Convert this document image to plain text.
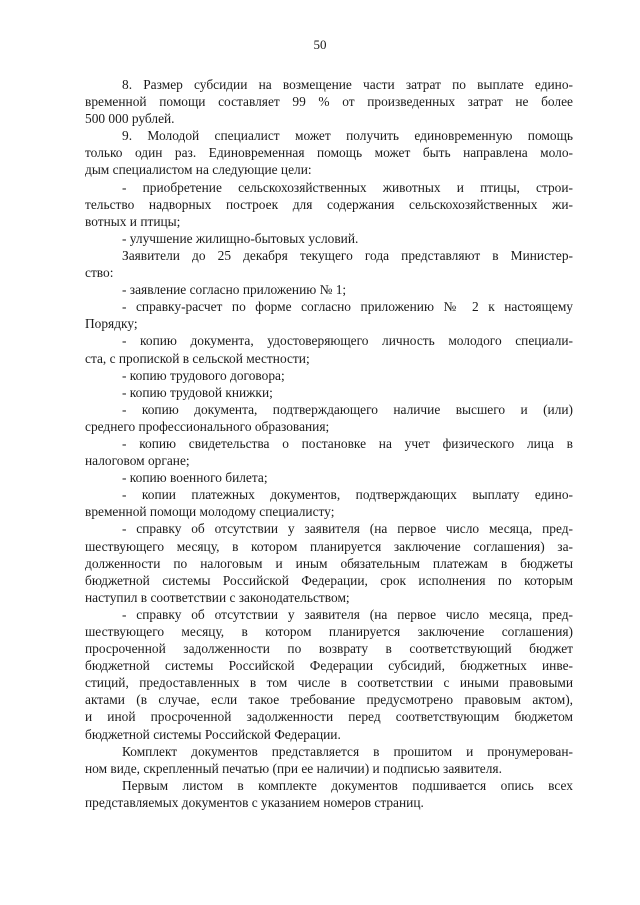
50
8. Размер субсидии на возмещение части затрат по выплате едино-
временной помощи составляет 99 % от произведенных затрат не более
500 000 рублей.
9. Молодой специалист может получить единовременную помощь
только один раз. Единовременная помощь может быть направлена моло-
дым специалистом на следующие цели:
- приобретение сельскохозяйственных животных и птицы, строи-
тельство надворных построек для содержания сельскохозяйственных жи-
вотных и птицы;
- улучшение жилищно-бытовых условий.
Заявители до 25 декабря текущего года представляют в Министер-
ство:
- заявление согласно приложению № 1;
- справку-расчет по форме согласно приложению № 2 к настоящему
Порядку;
- копию документа, удостоверяющего личность молодого специали-
ста, с пропиской в сельской местности;
- копию трудового договора;
- копию трудовой книжки;
- копию документа, подтверждающего наличие высшего и (или)
среднего профессионального образования;
- копию свидетельства о постановке на учет физического лица в
налоговом органе;
- копию военного билета;
- копии платежных документов, подтверждающих выплату едино-
временной помощи молодому специалисту;
- справку об отсутствии у заявителя (на первое число месяца, пред-
шествующего месяцу, в котором планируется заключение соглашения) за-
долженности по налоговым и иным обязательным платежам в бюджеты
бюджетной системы Российской Федерации, срок исполнения по которым
наступил в соответствии с законодательством;
- справку об отсутствии у заявителя (на первое число месяца, пред-
шествующего месяцу, в котором планируется заключение соглашения)
просроченной задолженности по возврату в соответствующий бюджет
бюджетной системы Российской Федерации субсидий, бюджетных инве-
стиций, предоставленных в том числе в соответствии с иными правовыми
актами (в случае, если такое требование предусмотрено правовым актом),
и иной просроченной задолженности перед соответствующим бюджетом
бюджетной системы Российской Федерации.
Комплект документов представляется в прошитом и пронумерован-
ном виде, скрепленный печатью (при ее наличии) и подписью заявителя.
Первым листом в комплекте документов подшивается опись всех
представляемых документов с указанием номеров страниц.
